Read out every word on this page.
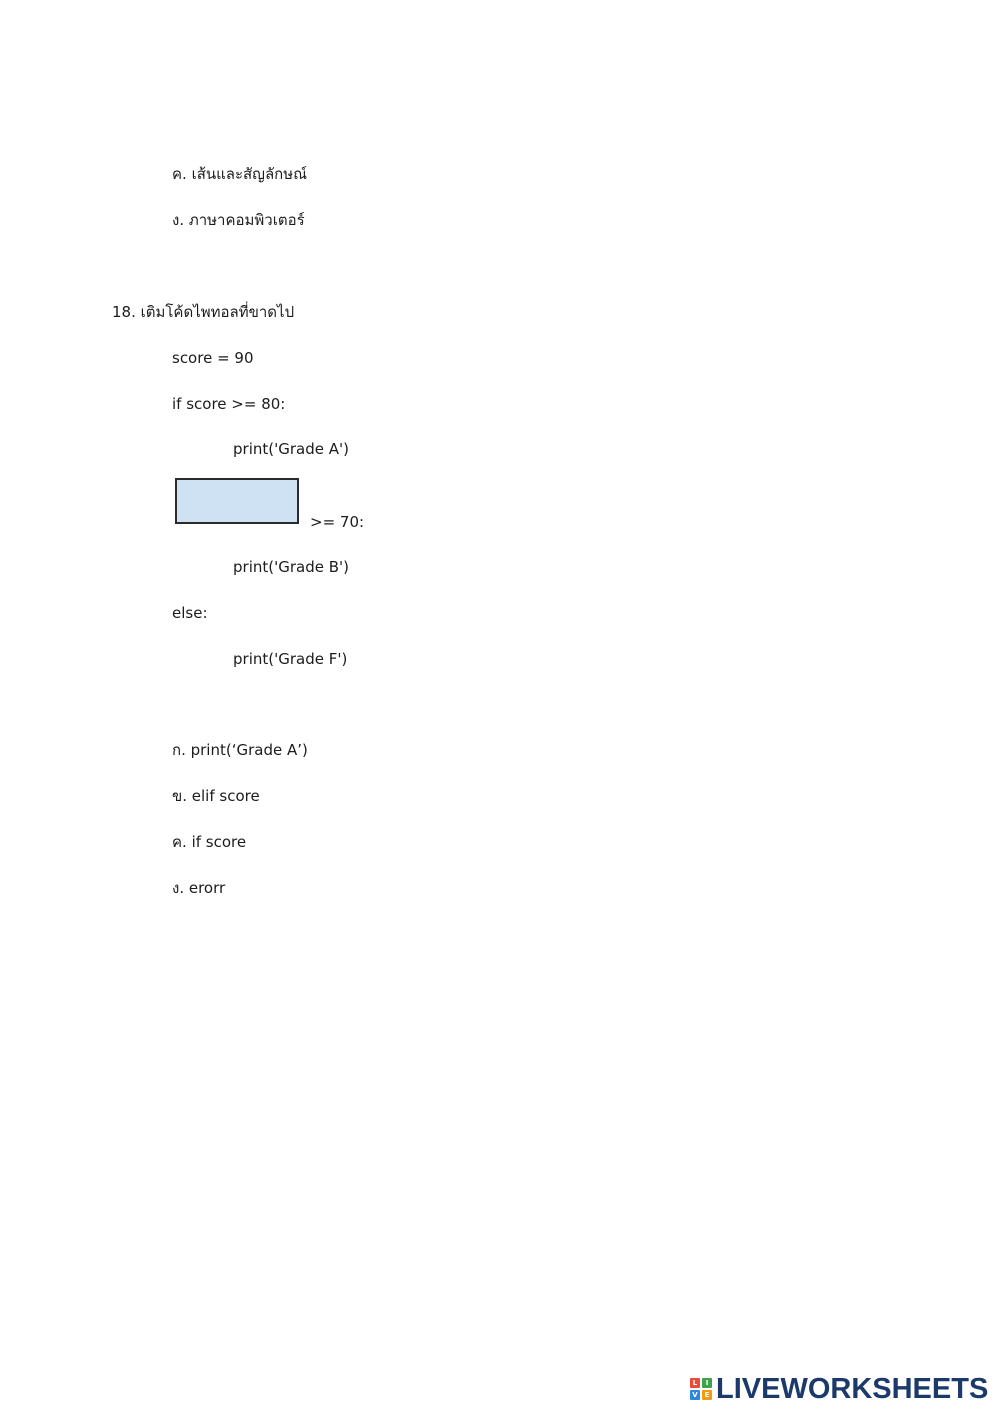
ค. เส้นและสัญลักษณ์
ง. ภาษาคอมพิวเตอร์
18. เติมโค้ดไพทอลที่ขาดไป
score = 90
if score >= 80:
print('Grade A')
>= 70:
print('Grade B')
else:
print('Grade F')
ก. print(‘Grade A’)
ข. elif score
ค. if score
ง. erorr
L	I
V E LIVEWORKSHEETS
